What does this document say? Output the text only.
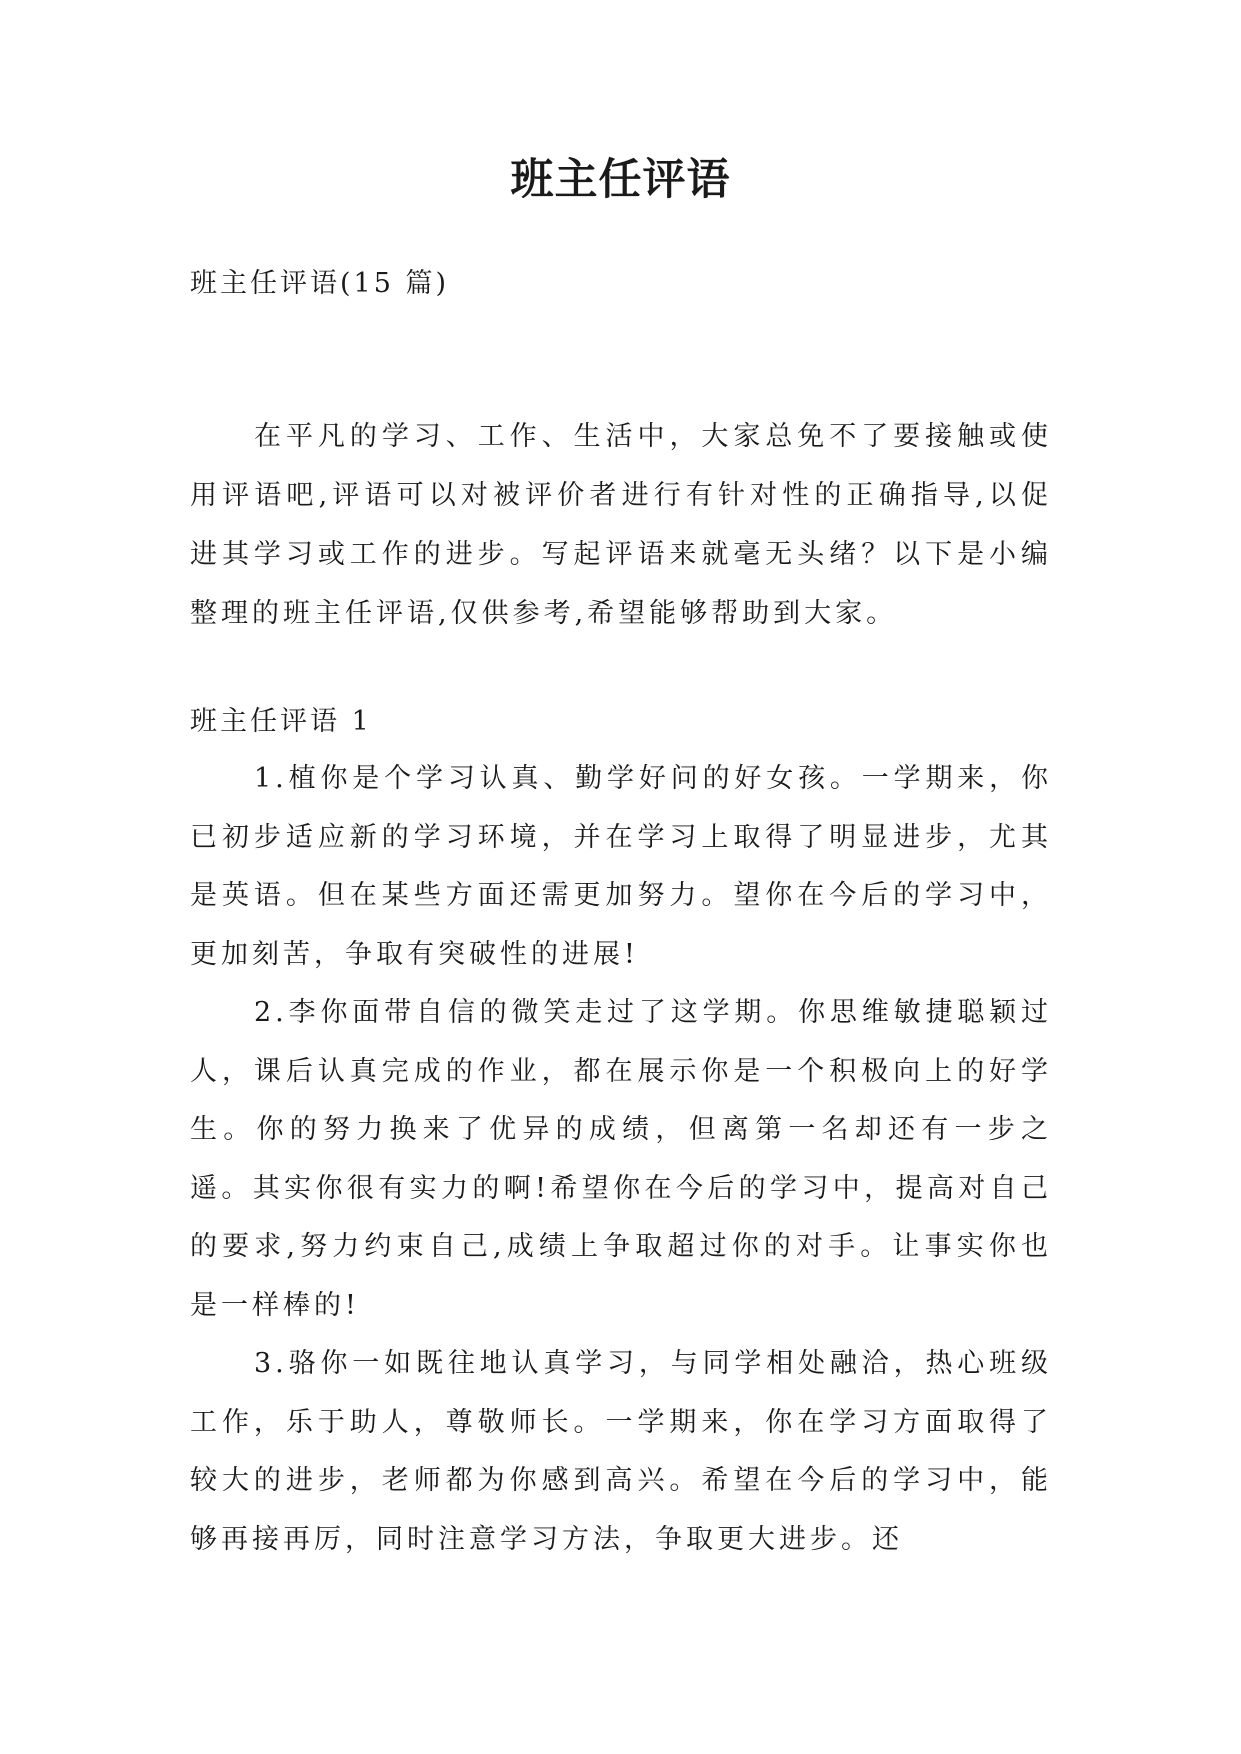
班主任评语

班主任评语(15 篇)

在平凡的学习、工作、生活中，大家总免不了要接触或使用评语吧,评语可以对被评价者进行有针对性的正确指导,以促进其学习或工作的进步。写起评语来就毫无头绪？以下是小编整理的班主任评语,仅供参考,希望能够帮助到大家。

班主任评语 1

1.植你是个学习认真、勤学好问的好女孩。一学期来，你已初步适应新的学习环境，并在学习上取得了明显进步，尤其是英语。但在某些方面还需更加努力。望你在今后的学习中，更加刻苦，争取有突破性的进展!

2.李你面带自信的微笑走过了这学期。你思维敏捷聪颖过人，课后认真完成的作业，都在展示你是一个积极向上的好学生。你的努力换来了优异的成绩，但离第一名却还有一步之遥。其实你很有实力的啊!希望你在今后的学习中，提高对自己的要求,努力约束自己,成绩上争取超过你的对手。让事实你也是一样棒的!

3.骆你一如既往地认真学习，与同学相处融洽，热心班级工作，乐于助人，尊敬师长。一学期来，你在学习方面取得了较大的进步，老师都为你感到高兴。希望在今后的学习中，能够再接再厉，同时注意学习方法，争取更大进步。还
